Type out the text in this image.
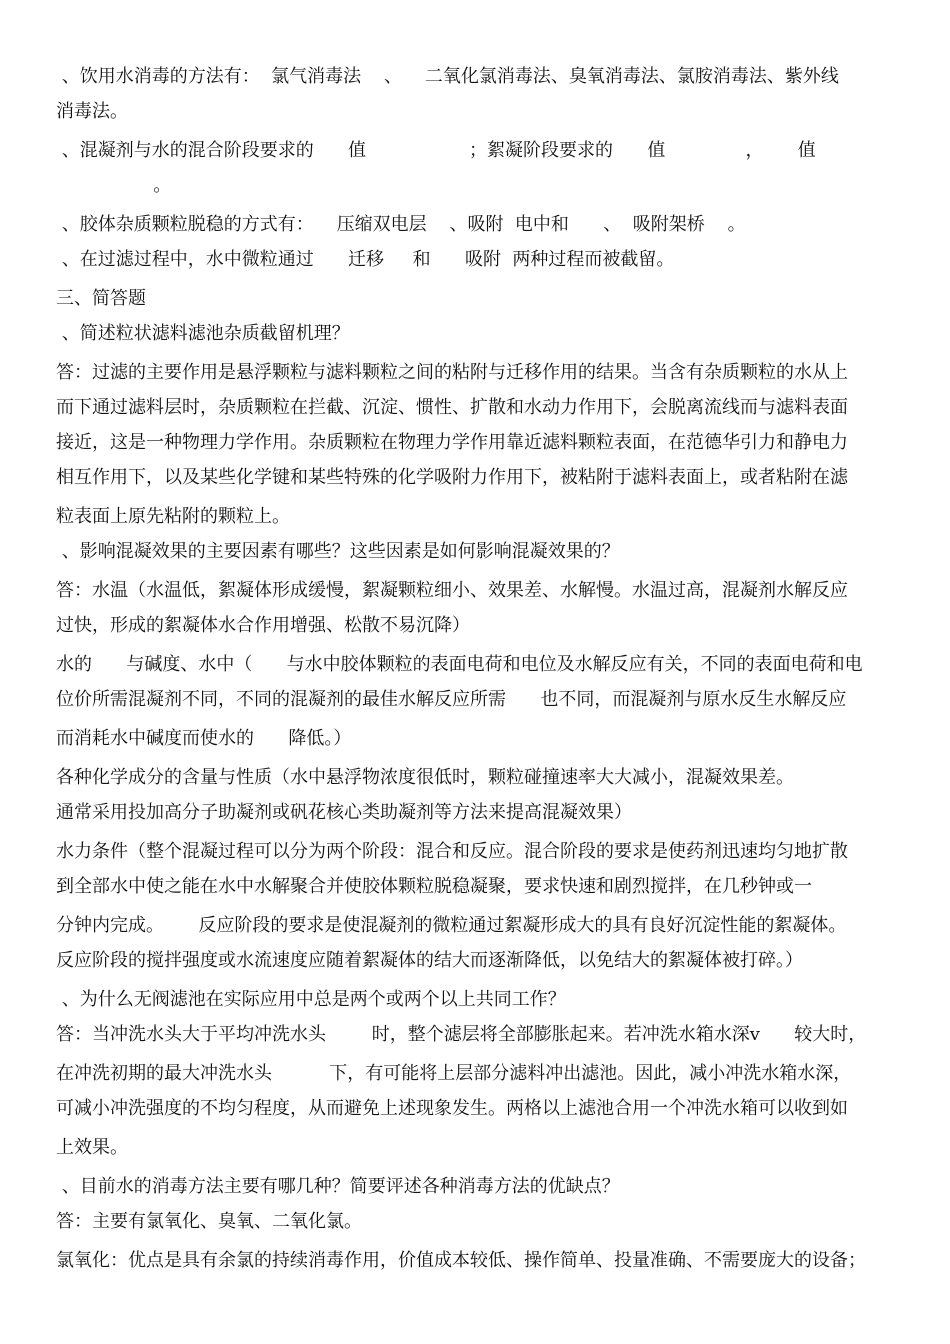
、饮用水消毒的方法有：  氯气消毒法    、    二氧化氯消毒法、臭氧消毒法、氯胺消毒法、紫外线
消毒法。
、混凝剂与水的混合阶段要求的      值                  ；絮凝阶段要求的      值              ，      值
。
、胶体杂质颗粒脱稳的方式有：    压缩双电层    、吸附  电中和      、  吸附架桥    。
、在过滤过程中，水中微粒通过      迁移     和      吸附  两种过程而被截留。
三、简答题
、简述粒状滤料滤池杂质截留机理？
答：过滤的主要作用是悬浮颗粒与滤料颗粒之间的粘附与迁移作用的结果。当含有杂质颗粒的水从上
而下通过滤料层时，杂质颗粒在拦截、沉淀、惯性、扩散和水动力作用下，会脱离流线而与滤料表面
接近，这是一种物理力学作用。杂质颗粒在物理力学作用靠近滤料颗粒表面，在范德华引力和静电力
相互作用下，以及某些化学键和某些特殊的化学吸附力作用下，被粘附于滤料表面上，或者粘附在滤
粒表面上原先粘附的颗粒上。
、影响混凝效果的主要因素有哪些？这些因素是如何影响混凝效果的？
答：水温（水温低，絮凝体形成缓慢，絮凝颗粒细小、效果差、水解慢。水温过高，混凝剂水解反应
过快，形成的絮凝体水合作用增强、松散不易沉降）
水的      与碱度、水中（      与水中胶体颗粒的表面电荷和电位及水解反应有关，不同的表面电荷和电
位价所需混凝剂不同，不同的混凝剂的最佳水解反应所需      也不同，而混凝剂与原水反生水解反应
而消耗水中碱度而使水的      降低。）
各种化学成分的含量与性质（水中悬浮物浓度很低时，颗粒碰撞速率大大减小，混凝效果差。
通常采用投加高分子助凝剂或矾花核心类助凝剂等方法来提高混凝效果）
水力条件（整个混凝过程可以分为两个阶段：混合和反应。混合阶段的要求是使药剂迅速均匀地扩散
到全部水中使之能在水中水解聚合并使胶体颗粒脱稳凝聚，要求快速和剧烈搅拌，在几秒钟或一
分钟内完成。      反应阶段的要求是使混凝剂的微粒通过絮凝形成大的具有良好沉淀性能的絮凝体。
反应阶段的搅拌强度或水流速度应随着絮凝体的结大而逐渐降低，以免结大的絮凝体被打碎。）
、为什么无阀滤池在实际应用中总是两个或两个以上共同工作？
答：当冲洗水头大于平均冲洗水头        时，整个滤层将全部膨胀起来。若冲洗水箱水深v      较大时，
在冲洗初期的最大冲洗水头          下，有可能将上层部分滤料冲出滤池。因此，减小冲洗水箱水深，
可减小冲洗强度的不均匀程度，从而避免上述现象发生。两格以上滤池合用一个冲洗水箱可以收到如
上效果。
、目前水的消毒方法主要有哪几种？简要评述各种消毒方法的优缺点？
答：主要有氯氧化、臭氧、二氧化氯。
氯氧化：优点是具有余氯的持续消毒作用，价值成本较低、操作简单、投量准确、不需要庞大的设备；
